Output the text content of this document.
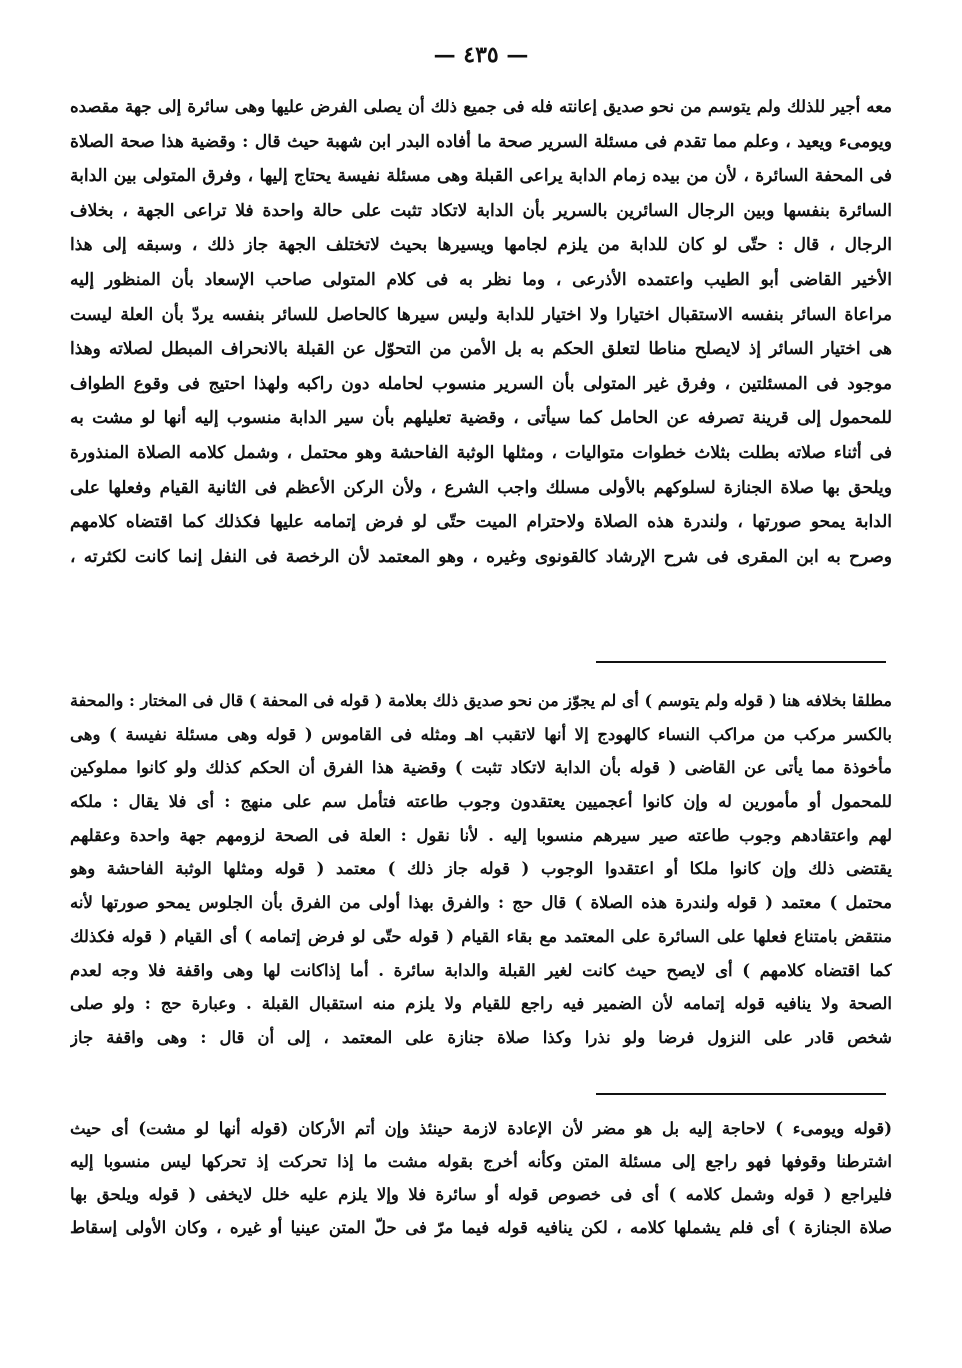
— ٤٣٥ —
معه أجير للذلك ولم يتوسم من نحو صديق إعانته فله فى جميع ذلك أن يصلى الفرض عليها وهى سائرة إلى جهة مقصده
ويومىء ويعيد ، وعلم مما تقدم فى مسئلة السرير صحة ما أفاده البدر ابن شهبة حيث قال : وقضية هذا صحة الصلاة
فى المحفة السائرة ، لأن من بيده زمام الدابة يراعى القبلة وهى مسئلة نفيسة يحتاج إليها ، وفرق المتولى بين الدابة
السائرة بنفسها وبين الرجال السائرين بالسرير بأن الدابة لاتكاد تثبت على حالة واحدة فلا تراعى الجهة ، بخلاف
الرجال ، قال : حتّى لو كان للدابة من يلزم لجامها ويسيرها بحيث لاتختلف الجهة جاز ذلك ، وسبقه إلى هذا
الأخير القاضى أبو الطيب واعتمده الأذرعى ، وما نظر به فى كلام المتولى صاحب الإسعاد بأن المنظور إليه
مراعاة السائر بنفسه الاستقبال اختيارا ولا اختيار للدابة وليس سيرها كالحاصل للسائر بنفسه يردّ بأن العلة ليست
هى اختيار السائر إذ لايصلح مناطا لتعلق الحكم به بل الأمن من التحوّل عن القبلة بالانحراف المبطل لصلاته وهذا
موجود فى المسئلتين ، وفرق غير المتولى بأن السرير منسوب لحامله دون راكبه ولهذا احتيج فى وقوع الطواف
للمحمول إلى قرينة تصرفه عن الحامل كما سيأتى ، وقضية تعليلهم بأن سير الدابة منسوب إليه أنها لو مشت به
فى أثناء صلاته بطلت بثلاث خطوات متواليات ، ومثلها الوثبة الفاحشة وهو محتمل ، وشمل كلامه الصلاة المنذورة
ويلحق بها صلاة الجنازة لسلوكهم بالأولى مسلك واجب الشرع ، ولأن الركن الأعظم فى الثانية القيام وفعلها على
الدابة يمحو صورتها ، ولندرة هذه الصلاة ولاحترام الميت حتّى لو فرض إتمامه عليها فكذلك كما اقتضاه كلامهم
وصرح به ابن المقرى فى شرح الإرشاد كالقونوى وغيره ، وهو المعتمد لأن الرخصة فى النفل إنما كانت لكثرته ،
مطلقا بخلافه هنا ( قوله ولم يتوسم ) أى لم يجوّز من نحو صديق ذلك بعلامة ( قوله فى المحفة ) قال فى المختار : والمحفة
بالكسر مركب من مراكب النساء كالهودج إلا أنها لاتقبب اهـ ومثله فى القاموس ( قوله وهى مسئلة نفيسة ) وهى
مأخوذة مما يأتى عن القاضى ( قوله بأن الدابة لاتكاد تثبت ) وقضية هذا الفرق أن الحكم كذلك ولو كانوا مملوكين
للمحمول أو مأمورين له وإن كانوا أعجميين يعتقدون وجوب طاعته فتأمل سم على منهج : أى فلا يقال : ملكه
لهم واعتقادهم وجوب طاعته صير سيرهم منسوبا إليه . لأنا نقول : العلة فى الصحة لزومهم جهة واحدة وعقلهم
يقتضى ذلك وإن كانوا ملكا أو اعتقدوا الوجوب ( قوله جاز ذلك ) معتمد ( قوله ومثلها الوثبة الفاحشة وهو
محتمل ) معتمد ( قوله ولندرة هذه الصلاة ) قال حج : والفرق بهذا أولى من الفرق بأن الجلوس يمحو صورتها لأنه
منتقض بامتناع فعلها على السائرة على المعتمد مع بقاء القيام ( قوله حتّى لو فرض إتمامه ) أى القيام ( قوله فكذلك
كما اقتضاه كلامهم ) أى لايصح حيث كانت لغير القبلة والدابة سائرة . أما إذاكانت لها وهى واقفة فلا وجه لعدم
الصحة ولا ينافيه قوله إتمامه لأن الضمير فيه راجع للقيام ولا يلزم منه استقبال القبلة . وعبارة حج : ولو صلى
شخص قادر على النزول فرضا ولو نذرا وكذا صلاة جنازة على المعتمد ، إلى أن قال : وهى واقفة جاز
(قوله ويومىء ) لاحاجة إليه بل هو مضر لأن الإعادة لازمة حينئذ وإن أتم الأركان (قوله أنها لو مشت) أى حيث
اشترطنا وقوفها فهو راجع إلى مسئلة المتن وكأنه أخرج بقوله مشت ما إذا تحركت إذ تحركها ليس منسوبا إليه
فليراجع ( قوله وشمل كلامه ) أى فى خصوص قوله أو سائرة فلا وإلا يلزم عليه خلل لايخفى ( قوله ويلحق بها
صلاة الجنازة ) أى فلم يشملها كلامه ، لكن ينافيه قوله فيما مرّ فى حلّ المتن عينيا أو غيره ، وكان الأولى إسقاط
